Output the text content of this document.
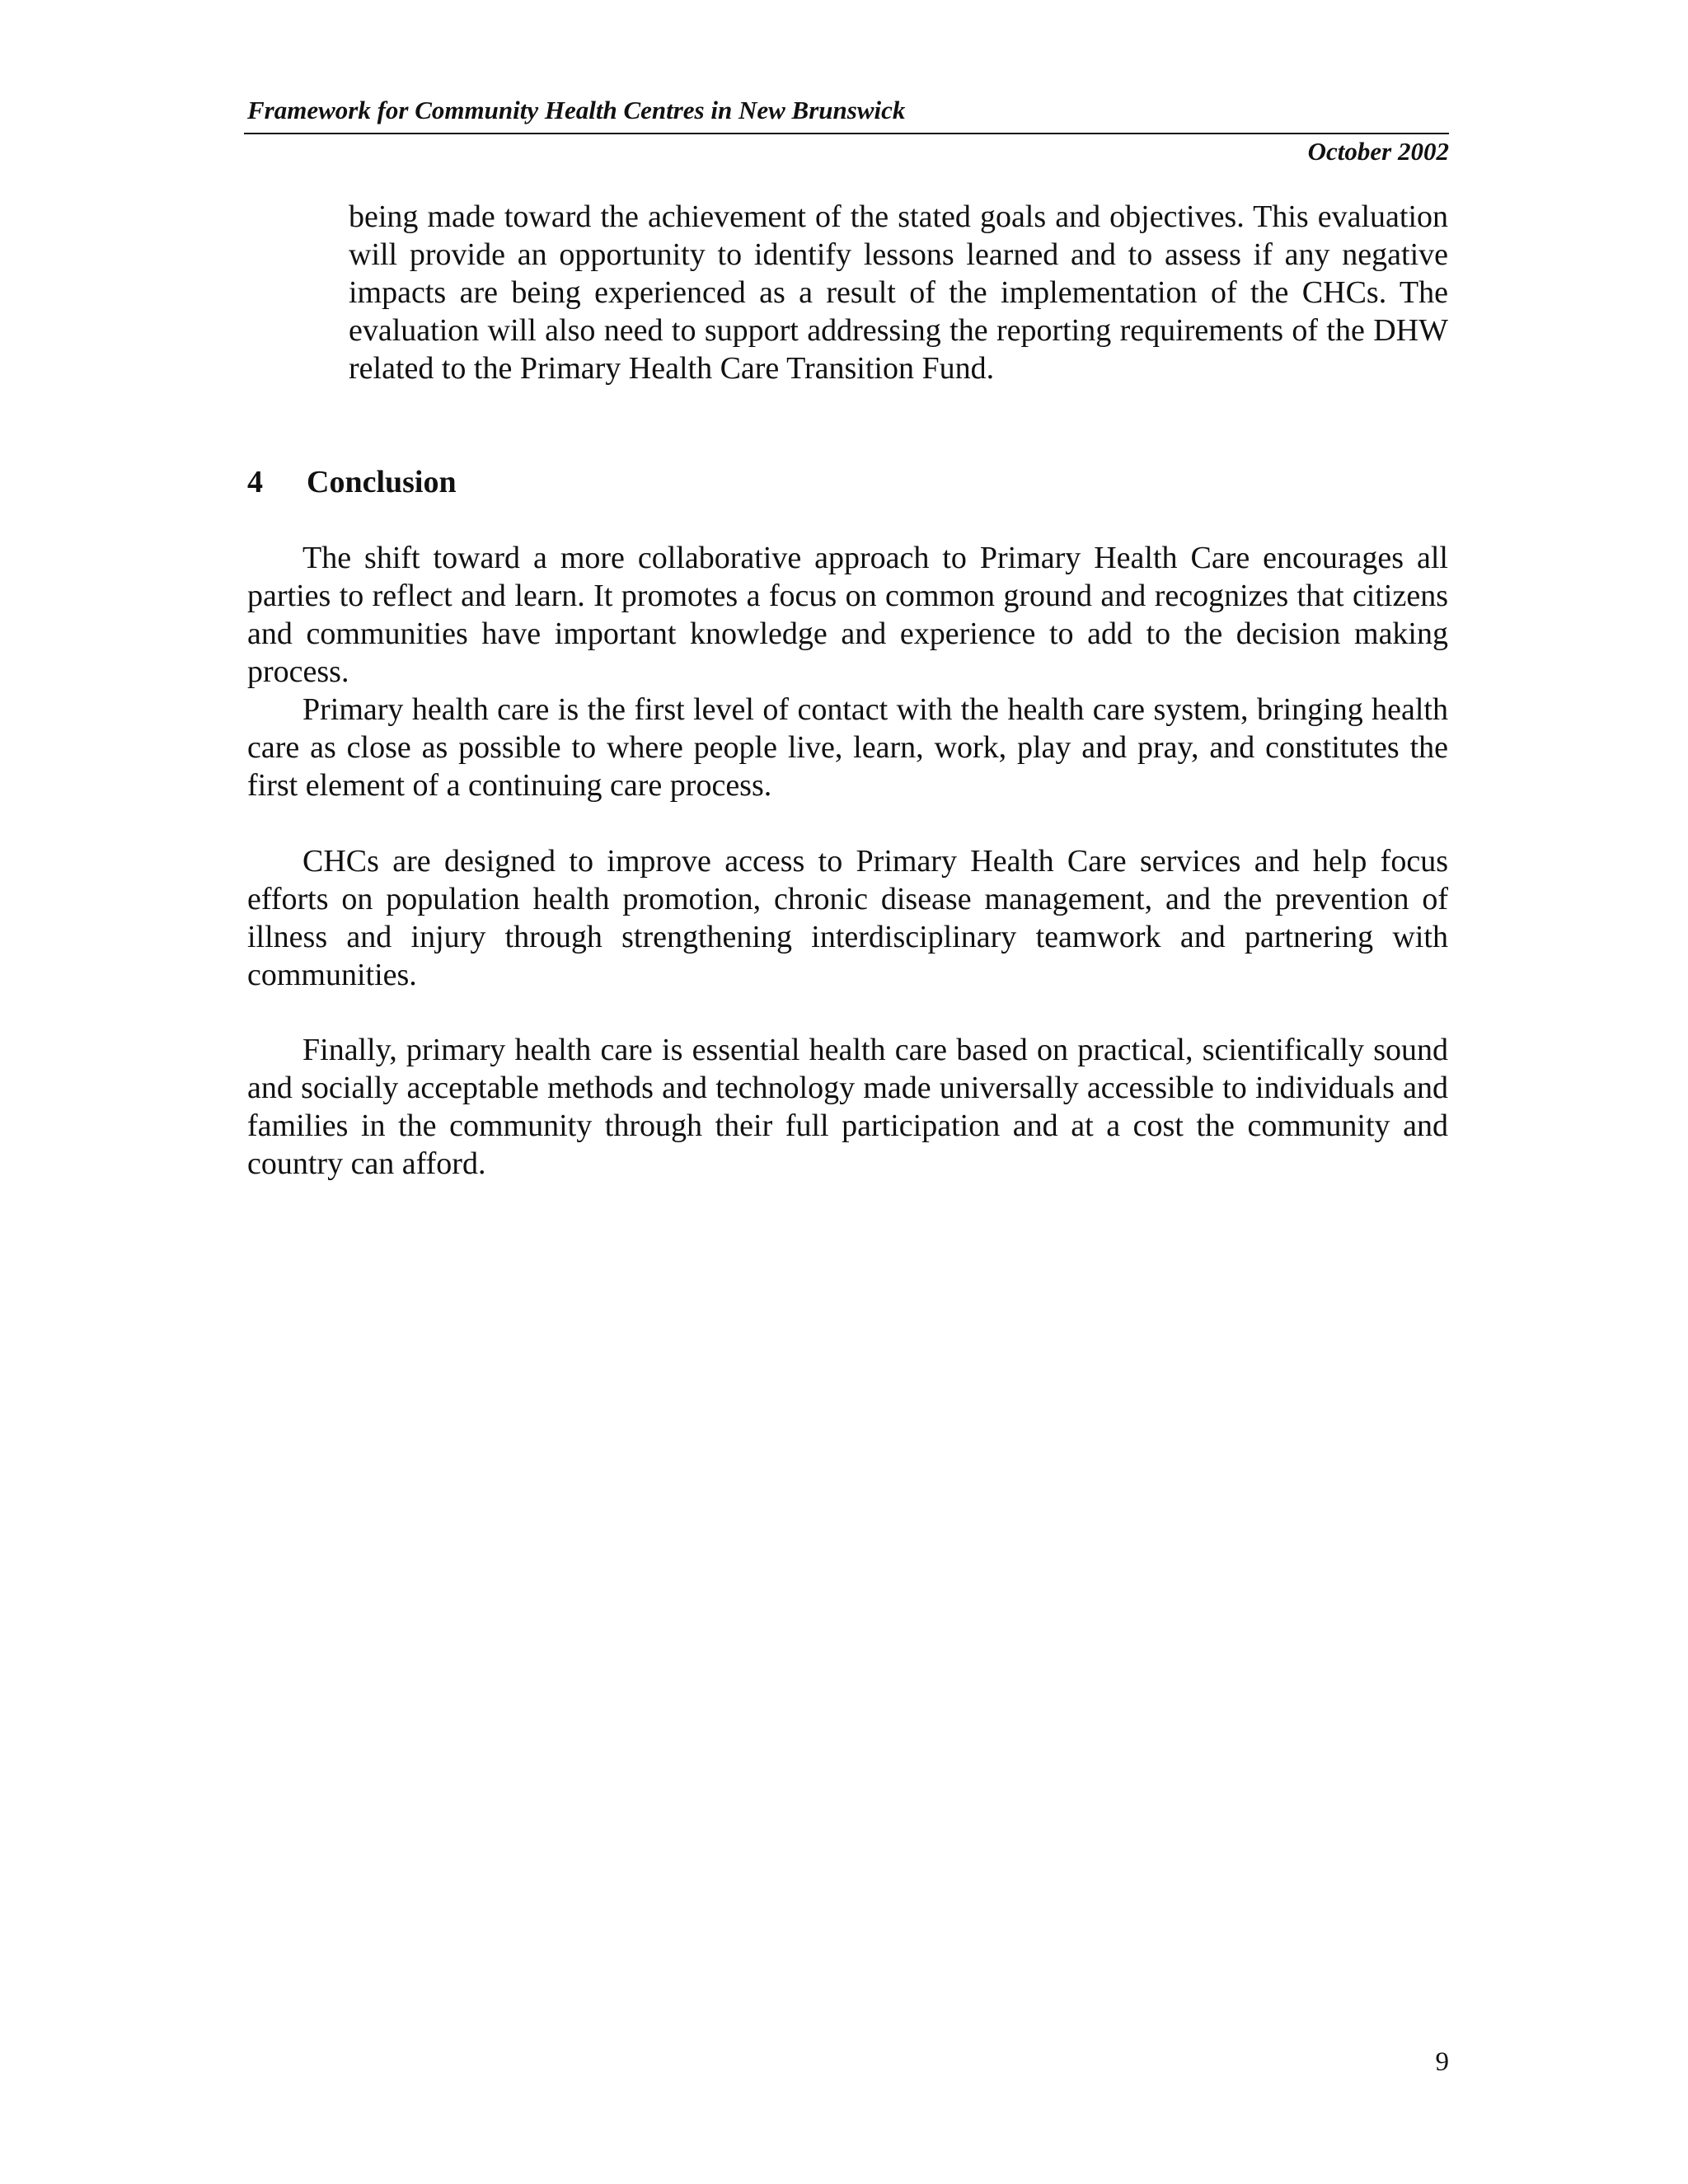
Framework for Community Health Centres in New Brunswick
October 2002

being made toward the achievement of the stated goals and objectives. This evaluation will provide an opportunity to identify lessons learned and to assess if any negative impacts are being experienced as a result of the implementation of the CHCs. The evaluation will also need to support addressing the reporting requirements of the DHW related to the Primary Health Care Transition Fund.

4 Conclusion

The shift toward a more collaborative approach to Primary Health Care encourages all parties to reflect and learn. It promotes a focus on common ground and recognizes that citizens and communities have important knowledge and experience to add to the decision making process.

Primary health care is the first level of contact with the health care system, bringing health care as close as possible to where people live, learn, work, play and pray, and constitutes the first element of a continuing care process.

CHCs are designed to improve access to Primary Health Care services and help focus efforts on population health promotion, chronic disease management, and the prevention of illness and injury through strengthening interdisciplinary teamwork and partnering with communities.

Finally, primary health care is essential health care based on practical, scientifically sound and socially acceptable methods and technology made universally accessible to individuals and families in the community through their full participation and at a cost the community and country can afford.

9
